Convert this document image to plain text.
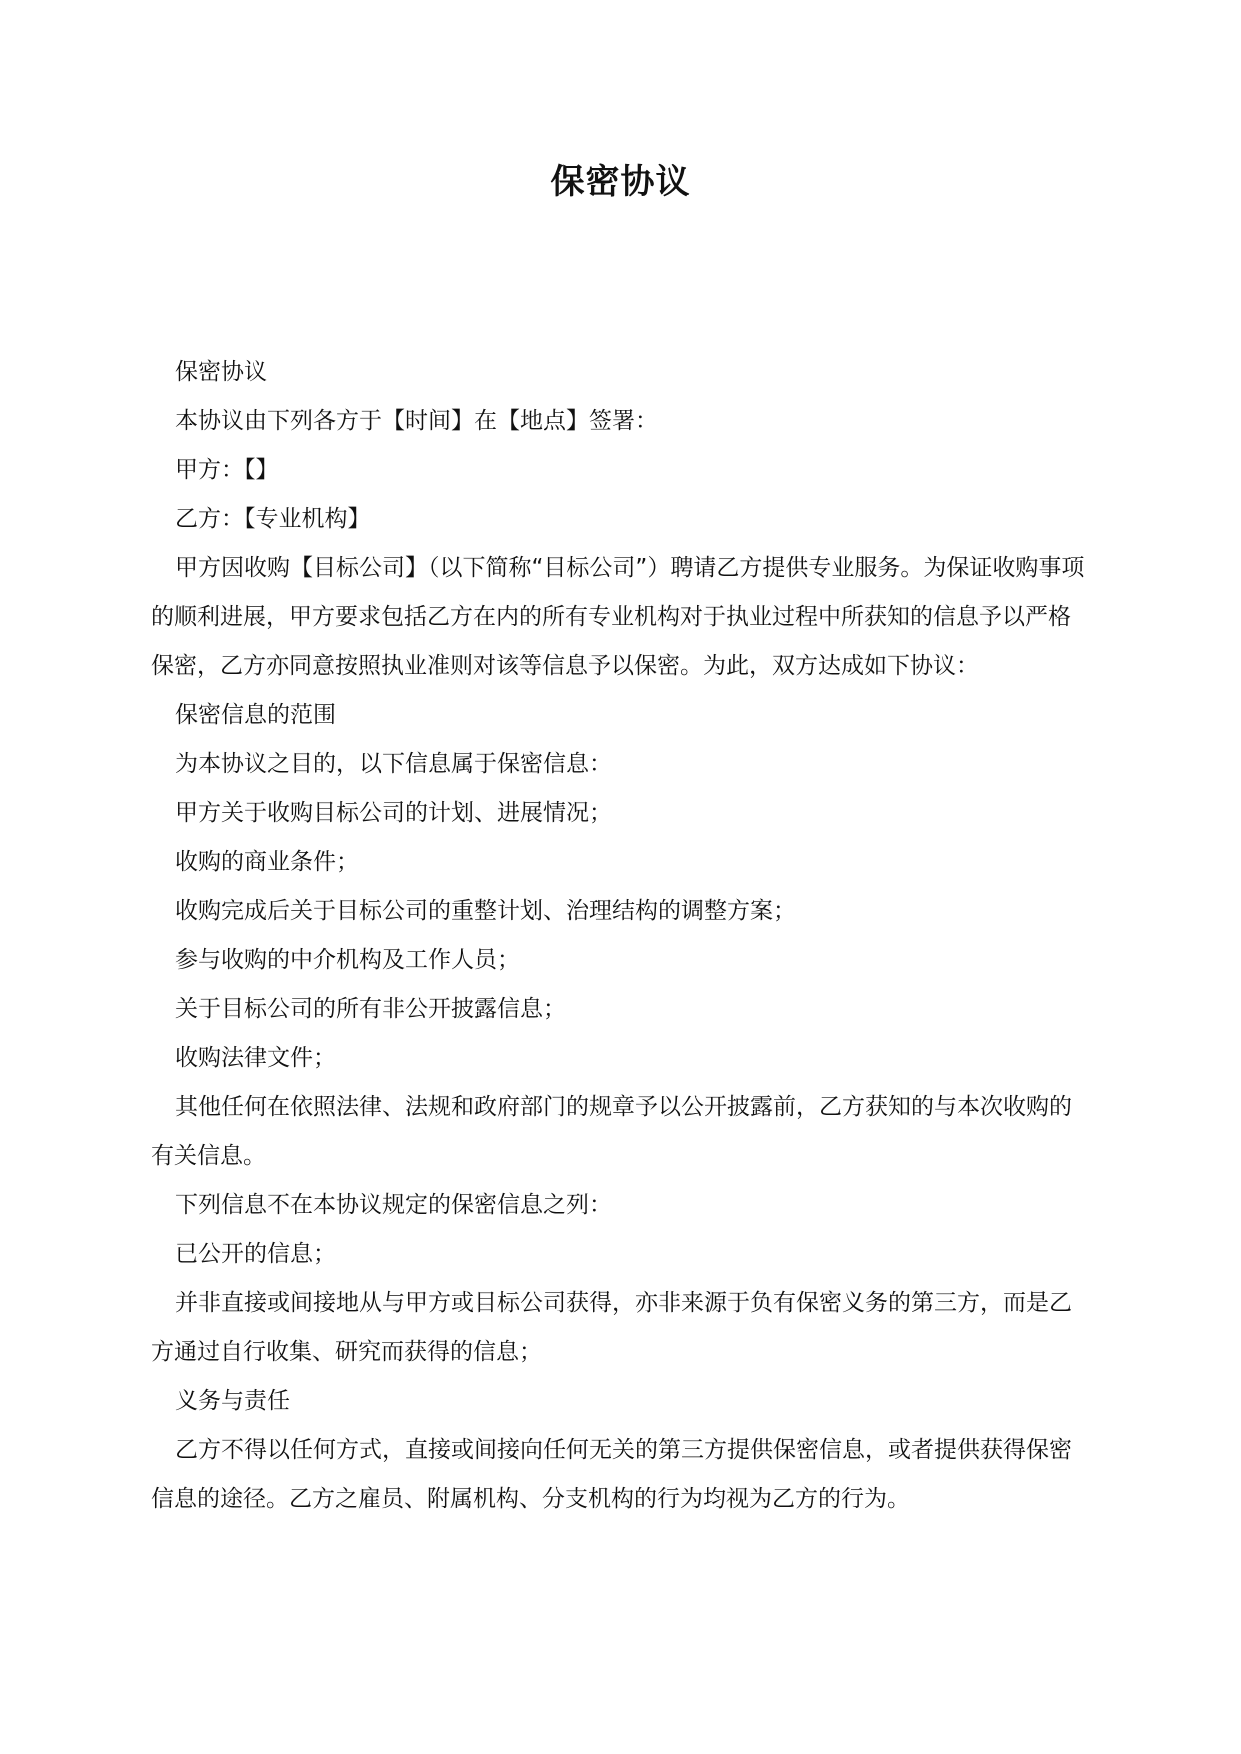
保密协议

保密协议

本协议由下列各方于【时间】在【地点】签署：

甲方：【】

乙方：【专业机构】

甲方因收购【目标公司】（以下简称“目标公司”）聘请乙方提供专业服务。为保证收购事项的顺利进展，甲方要求包括乙方在内的所有专业机构对于执业过程中所获知的信息予以严格保密，乙方亦同意按照执业准则对该等信息予以保密。为此，双方达成如下协议：

保密信息的范围

为本协议之目的，以下信息属于保密信息：

甲方关于收购目标公司的计划、进展情况；

收购的商业条件；

收购完成后关于目标公司的重整计划、治理结构的调整方案；

参与收购的中介机构及工作人员；

关于目标公司的所有非公开披露信息；

收购法律文件；

其他任何在依照法律、法规和政府部门的规章予以公开披露前，乙方获知的与本次收购的有关信息。

下列信息不在本协议规定的保密信息之列：

已公开的信息；

并非直接或间接地从与甲方或目标公司获得，亦非来源于负有保密义务的第三方，而是乙方通过自行收集、研究而获得的信息；

义务与责任

乙方不得以任何方式，直接或间接向任何无关的第三方提供保密信息，或者提供获得保密信息的途径。乙方之雇员、附属机构、分支机构的行为均视为乙方的行为。
